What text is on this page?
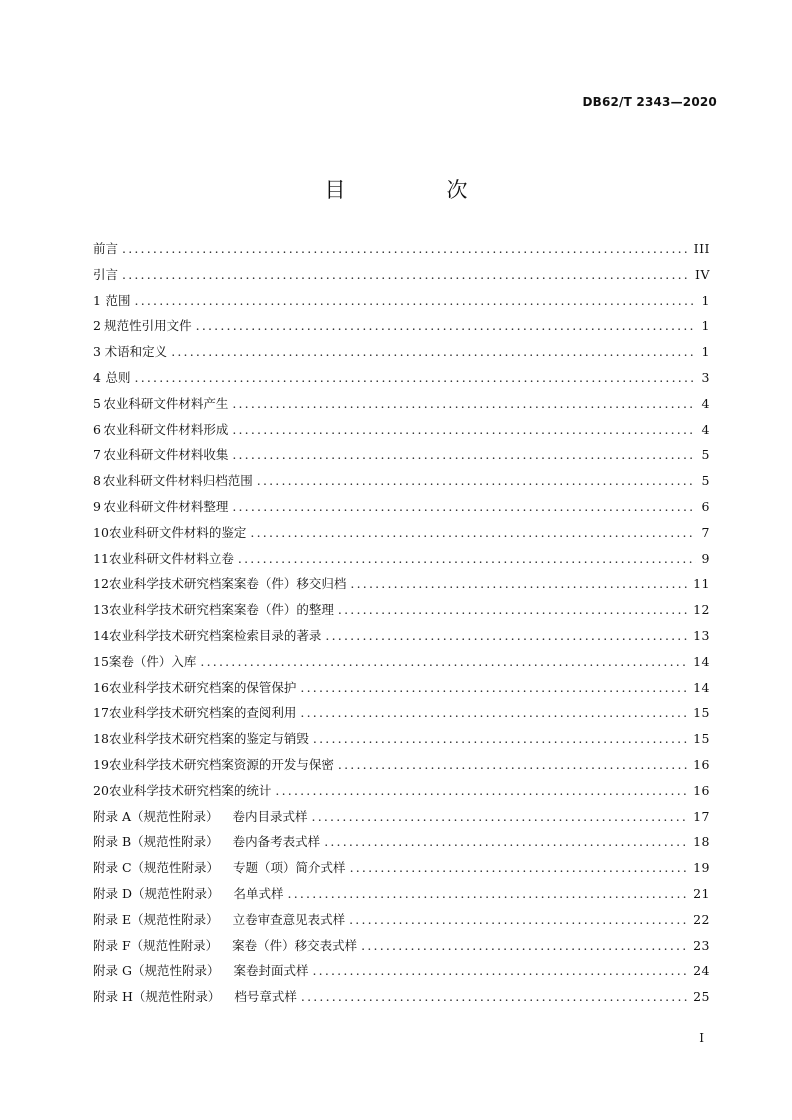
DB62/T 2343—2020
目　次
前言 .....	III
引言 .....	IV
1 范围 .....	1
2 规范性引用文件 .....	1
3 术语和定义 .....	1
4 总则 .....	3
5 农业科研文件材料产生 .....	4
6 农业科研文件材料形成 .....	4
7 农业科研文件材料收集 .....	5
8 农业科研文件材料归档范围 .....	5
9 农业科研文件材料整理 .....	6
10 农业科研文件材料的鉴定 .....	7
11 农业科研文件材料立卷 .....	9
12 农业科学技术研究档案案卷（件）移交归档 .....	11
13 农业科学技术研究档案案卷（件）的整理 .....	12
14 农业科学技术研究档案检索目录的著录 .....	13
15 案卷（件）入库 .....	14
16 农业科学技术研究档案的保管保护 .....	14
17 农业科学技术研究档案的查阅利用 .....	15
18 农业科学技术研究档案的鉴定与销毁 .....	15
19 农业科学技术研究档案资源的开发与保密 .....	16
20 农业科学技术研究档案的统计 .....	16
附录 A（规范性附录） 卷内目录式样 .....	17
附录 B（规范性附录） 卷内备考表式样 .....	18
附录 C（规范性附录） 专题（项）简介式样 .....	19
附录 D（规范性附录） 名单式样 .....	21
附录 E（规范性附录） 立卷审查意见表式样 .....	22
附录 F（规范性附录） 案卷（件）移交表式样 .....	23
附录 G（规范性附录） 案卷封面式样 .....	24
附录 H（规范性附录） 档号章式样 .....	25
I
